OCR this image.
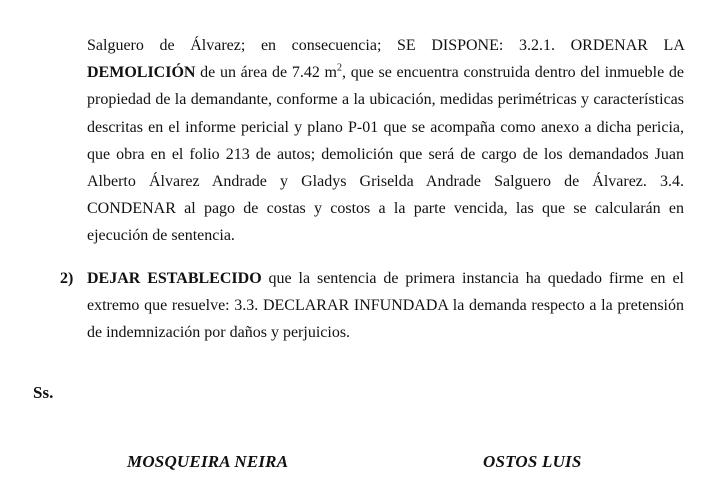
Salguero de Álvarez; en consecuencia; SE DISPONE: 3.2.1. ORDENAR LA DEMOLICIÓN de un área de 7.42 $m^2$, que se encuentra construida dentro del inmueble de propiedad de la demandante, conforme a la ubicación, medidas perimétricas y características descritas en el informe pericial y plano P-01 que se acompaña como anexo a dicha pericia, que obra en el folio 213 de autos; demolición que será de cargo de los demandados Juan Alberto Álvarez Andrade y Gladys Griselda Andrade Salguero de Álvarez. 3.4. CONDENAR al pago de costas y costos a la parte vencida, las que se calcularán en ejecución de sentencia.

2) DEJAR ESTABLECIDO que la sentencia de primera instancia ha quedado firme en el extremo que resuelve: 3.3. DECLARAR INFUNDADA la demanda respecto a la pretensión de indemnización por daños y perjuicios.

Ss.
MOSQUEIRA NEIRA	OSTOS LUIS
